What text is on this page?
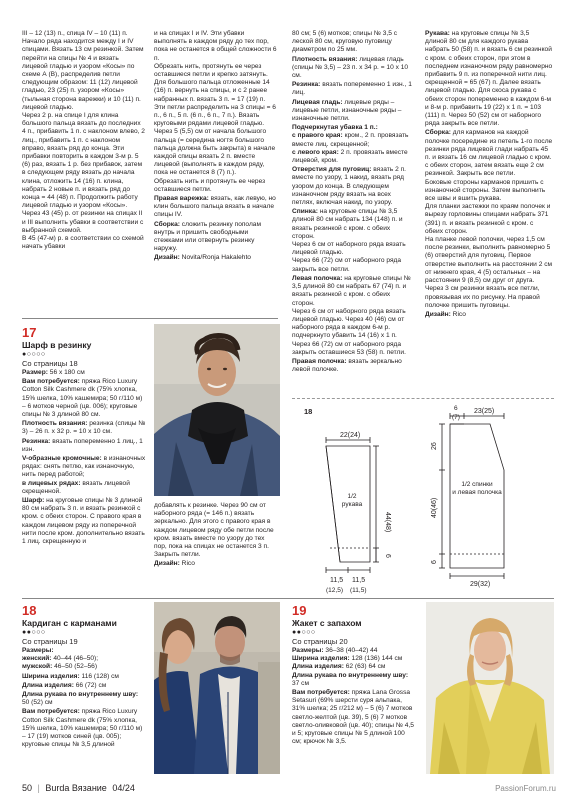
III – 12 (13) п., спица IV – 10 (11) п. Начало ряда находится между I и IV спицами. Вязать 13 см резинкой. Затем перейти на спицы № 4 и вязать лицевой гладью и узором «Косы» по схеме А (В), распределив петли следующим образом: 11 (12) лицевой гладью, 23 (25) п. узором «Косы» (тыльная сторона варежки) и 10 (11) п. лицевой гладью.
Через 2 р. на спице I для клина большого пальца вязать до последних 4 п., прибавить 1 п. с наклоном влево, 2 лиц., прибавить 1 п. с наклоном вправо, вязать ряд до конца. Эти прибавки повторить в каждом 3-м р. 5 (6) раз, вязать 1 р. без прибавок, затем в следующем ряду вязать до начала клина, отложить 14 (16) п. клина, набрать 2 новые п. и вязать ряд до конца = 44 (48) п. Продолжить работу лицевой гладью и узором «Косы».
Через 43 (45) р. от резинки на спицах II и III выполнить убавки в соответствии с выбранной схемой.
В 45 (47-м) р. в соответствии со схемой начать убавки

и на спицах I и IV. Эти убавки выполнять в каждом ряду до тех пор, пока не останется в общей сложности 6 п.
Обрезать нить, протянуть ее через оставшиеся петли и крепко затянуть.
Для большого пальца отложенные 14 (16) п. вернуть на спицы, и с 2 ранее набранных п. вязать 3 п. = 17 (19) п. Эти петли распределить на 3 спицы = 6 п., 6 п., 5 п. (6 п., 6 п., 7 п.). Вязать круговыми рядами лицевой гладью. Через 5 (5,5) см от начала большого пальца (= середина ногтя большого пальца должна быть закрыта) в начале каждой спицы вязать 2 п. вместе лицевой (выполнять в каждом ряду, пока не останется 8 (7) п.).
Обрезать нить и протянуть ее через оставшиеся петли.

Правая варежка: вязать, как левую, но клин большого пальца вязать в начале спицы IV.

Сборка: сложить резинку пополам внутрь и пришить свободными стежками или отвернуть резинку наружу.

Дизайн: Novita/Ronja Hakalehto

80 см; 5 (6) мотков; спицы № 3,5 с леской 80 см, круговую пуговицу диаметром по 25 мм.

Плотность вязания: лицевая гладь (спицы № 3,5) – 23 п. х 34 р. = 10 х 10 см.

Резинка: вязать попеременно 1 изн., 1 лиц.

Лицевая гладь: лицевые ряды – лицевые петли, изнаночные ряды – изнаночные петли.

Подчеркнутая убавка 1 п.:

с правого края: кром., 2 п. провязать вместе лиц. скрещенной;

с левого края: 2 п. провязать вместе лицевой, кром.

Отверстия для пуговиц: вязать 2 п. вместе по узору, 1 накид, вязать ряд узором до конца. В следующем изнаночном ряду вязать на всех петлях, включая накид, по узору.

Спинка: на круговые спицы № 3,5 длиной 80 см набрать 134 (148) п. и вязать резинкой с кром. с обеих сторон.
Через 6 см от наборного ряда вязать лицевой гладью.
Через 66 (72) см от наборного ряда закрыть все петли.

Левая полочка: на круговые спицы № 3,5 длиной 80 см набрать 67 (74) п. и вязать резинкой с кром. с обеих сторон.
Через 6 см от наборного ряда вязать лицевой гладью. Через 40 (46) см от наборного ряда в каждом 6-м р. подчеркнуто убавить 14 (16) х 1 п. Через 66 (72) см от наборного ряда закрыть оставшиеся 53 (58) п. петли.

Правая полочка: вязать зеркально левой полочке.

Рукава: на круговые спицы № 3,5 длиной 80 см для каждого рукава набрать 50 (58) п. и вязать 6 см резинкой с кром. с обеих сторон, при этом в последнем изнаночном ряду равномерно прибавить 9 п. из поперечной нити лиц. скрещенной = 65 (67) п. Далее вязать лицевой гладью. Для скоса рукава с обеих сторон попеременно в каждом 6-м и 8-м р. прибавить 19 (22) х 1 п. = 103 (111) п. Через 50 (52) см от наборного ряда закрыть все петли.

Сборка: для карманов на каждой полочке посередине из петель 1-го после резинки ряда лицевой глади набрать 45 п. и вязать 16 см лицевой гладью с кром. с обеих сторон, затем вязать еще 2 см резинкой. Закрыть все петли.
Боковые стороны карманов пришить с изнаночной стороны. Затем выполнить все швы и вшить рукава.
Для планки застежки по краям полочек и вырезу горловины спицами набрать 371 (391) п. и вязать резинкой с кром. с обеих сторон.
На планке левой полочки, через 1,5 см после резинки, выполнить равномерно 5 (6) отверстий для пуговиц. Первое отверстие выполнить на расстоянии 2 см от нижнего края, 4 (5) остальных – на расстоянии 9 (8,5) см друг от друга. Через 3 см резинки вязать все петли, провязывая их по рисунку. На правой полочке пришить пуговицы.

Дизайн: Rico

17
Шарф в резинку
●○○○○
Со страницы 18

Размер: 56 х 180 см

Вам потребуется: пряжа Rico Luxury Cotton Silk Cashmere dk (75% хлопка, 15% шелка, 10% кашемира; 50 г/110 м) – 6 мотков черной (цв. 006); круговые спицы № 3 длиной 80 см.

Плотность вязания: резинка (спицы № 3) – 26 п. х 32 р. = 10 х 10 см.

Резинка: вязать попеременно 1 лиц., 1 изн.

V-образные кромочные: в изнаночных рядах: снять петлю, как изнаночную, нить перед работой;

в лицевых рядах: вязать лицевой скрещенной.

Шарф: на круговые спицы № 3 длиной 80 см набрать 3 п. и вязать резинкой с кром. с обеих сторон. С правого края в каждом лицевом ряду из поперечной нити после кром. дополнительно вязать 1 лиц. скрещенную и

добавлять к резинке. Через 90 см от наборного ряда (= 146 п.) вязать зеркально. Для этого с правого края в каждом лицевом ряду обе петли после кром. вязать вместе по узору до тех пор, пока на спицах не останется 3 п. Закрыть петли.

Дизайн: Rico

18
22(24)
1/2
рукава
44(48)
6
11,5 11,5
(12,5) (11,5)
6
(7)
23(25)
1/2 спинки
и левая полочка
26
40(46)
6
29(32)
18
Кардиган с карманами
●●○○○
Со страницы 19

Размеры:

женский: 40–44 (46–50);

мужской: 46–50 (52–56)

Ширина изделия: 116 (128) см

Длина изделия: 66 (72) см

Длина рукава по внутреннему шву: 50 (52) см

Вам потребуется: пряжа Rico Luxury Cotton Silk Cashmere dk (75% хлопка, 15% шелка, 10% кашемира; 50 г/110 м) – 17 (19) мотков синей (цв. 005); круговые спицы № 3,5 длиной

19
Жакет с запахом
●●○○○
Со страницы 20

Размеры: 36–38 (40–42) 44

Ширина изделия: 128 (136) 144 см

Длина изделия: 62 (63) 64 см

Длина рукава по внутреннему шву: 37 см

Вам потребуется: пряжа Lana Grossa Setasuri (69% шерсти суря альпака, 31% шелка; 25 г/212 м) – 5 (6) 7 мотков светло-желтой (цв. 39), 5 (6) 7 мотков светло-оливковой (цв. 40); спицы № 4,5 и 5; круговые спицы № 5 длиной 100 см; крючок № 3,5.

50 | Burda Вязание 04/24	PassionForum.ru
